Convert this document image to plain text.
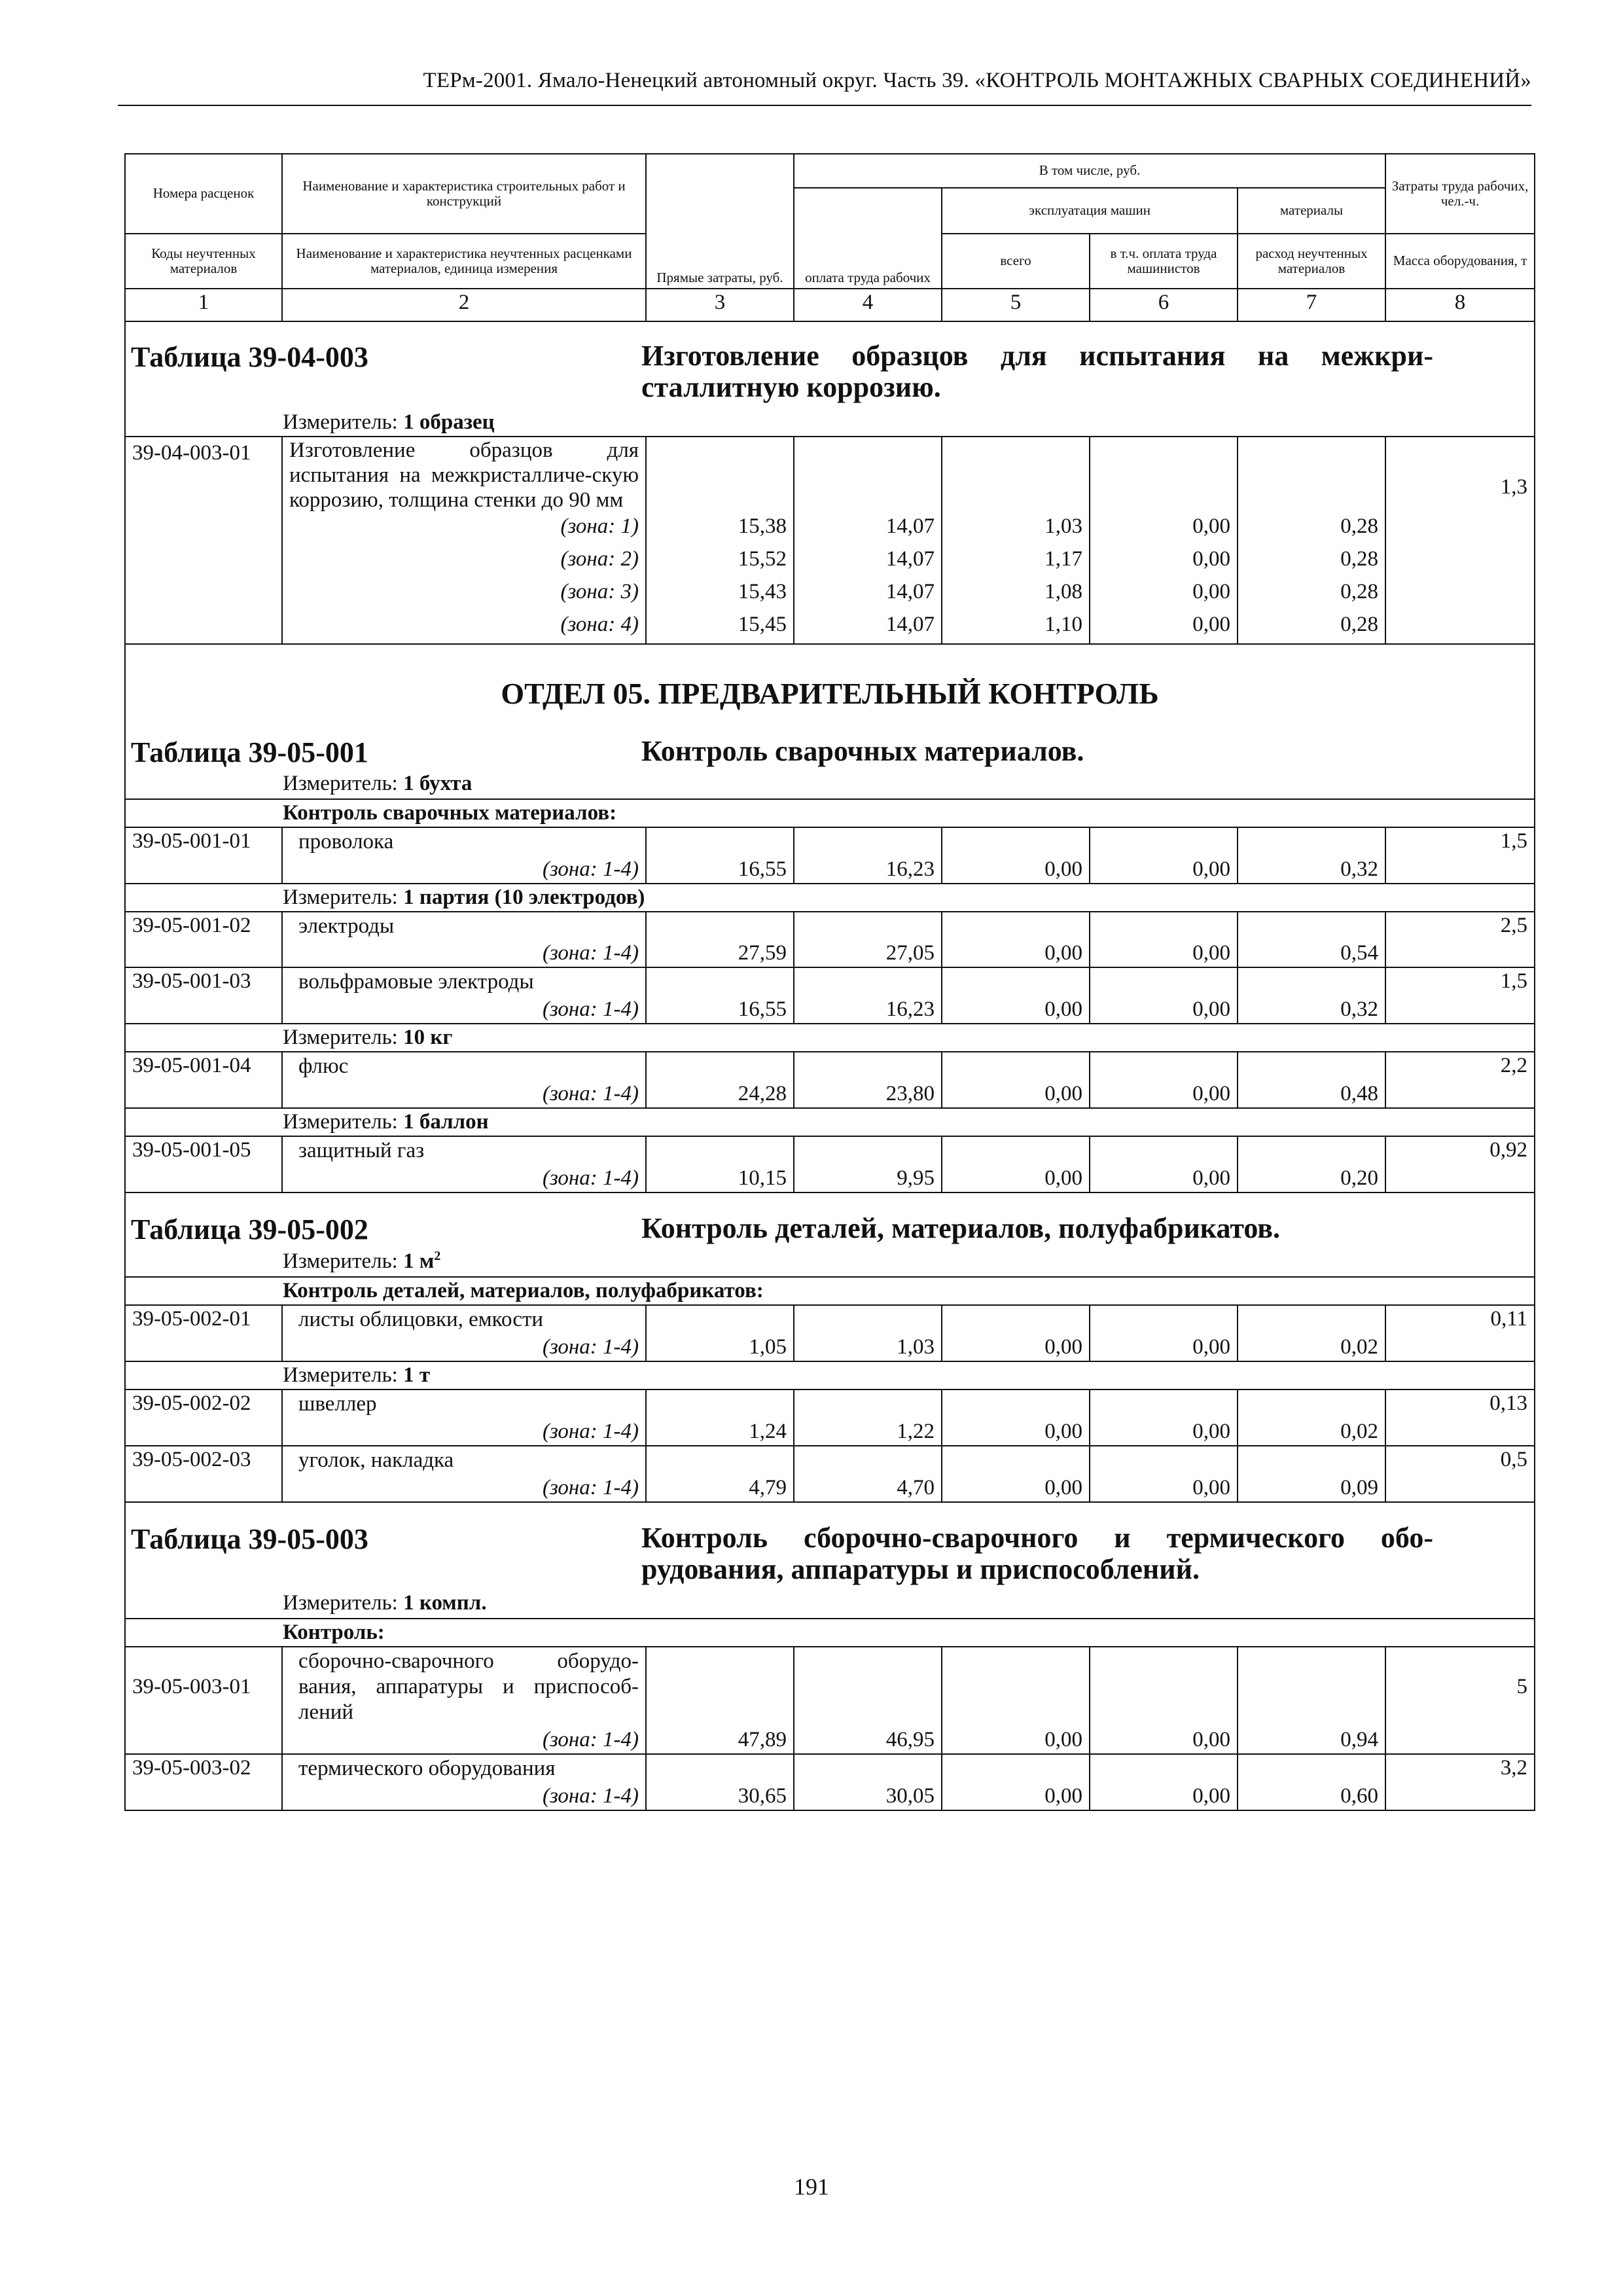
ТЕРм-2001. Ямало-Ненецкий автономный округ. Часть 39. «КОНТРОЛЬ МОНТАЖНЫХ СВАРНЫХ СОЕДИНЕНИЙ»
Номера расценок	Наименование и характеристика строительных работ и конструкций	Прямые затраты, руб.	В том числе, руб.				Затраты труда рабочих, чел.-ч.
			оплата труда рабочих	эксплуатация машин		материалы	
Коды неучтенных материалов	Наименование и характеристика неучтенных расценками материалов, единица измерения			всего	в т.ч. оплата труда машинистов	расход неучтенных материалов	Масса оборудования, т
1	2	3	4	5	6	7	8

Таблица 39-04-003 Изготовление образцов для испытания на межкри-сталлитную коррозию.							

Измеритель: 1 образец							

39-04-003-01	Изготовление образцов для испытания на межкристалличе-скую коррозию, толщина стенки до 90 мм						1,3
	(зона: 1)	15,38	14,07	1,03	0,00	0,28	
	(зона: 2)	15,52	14,07	1,17	0,00	0,28	
	(зона: 3)	15,43	14,07	1,08	0,00	0,28	
	(зона: 4)	15,45	14,07	1,10	0,00	0,28	

ОТДЕЛ 05. ПРЕДВАРИТЕЛЬНЫЙ КОНТРОЛЬ
Таблица 39-05-001 Контроль сварочных материалов.
Измеритель: 1 бухта							

Контроль сварочных материалов:							
39-05-001-01	проволока						1,5
	(зона: 1-4)	16,55	16,23	0,00	0,00	0,32	
Измеритель: 1 партия (10 электродов)							
39-05-001-02	электроды						2,5
	(зона: 1-4)	27,59	27,05	0,00	0,00	0,54	
39-05-001-03	вольфрамовые электроды						1,5
	(зона: 1-4)	16,55	16,23	0,00	0,00	0,32	
Измеритель: 10 кг							
39-05-001-04	флюс						2,2
	(зона: 1-4)	24,28	23,80	0,00	0,00	0,48	
Измеритель: 1 баллон							
39-05-001-05	защитный газ						0,92
	(зона: 1-4)	10,15	9,95	0,00	0,00	0,20	

Таблица 39-05-002 Контроль деталей, материалов, полуфабрикатов.
Измеритель: 1 $м^2$

Контроль деталей, материалов, полуфабрикатов:							
39-05-002-01	листы облицовки, емкости						0,11
	(зона: 1-4)	1,05	1,03	0,00	0,00	0,02	
Измеритель: 1 т							
39-05-002-02	швеллер						0,13
	(зона: 1-4)	1,24	1,22	0,00	0,00	0,02	
39-05-002-03	уголок, накладка						0,5
	(зона: 1-4)	4,79	4,70	0,00	0,00	0,09	

Таблица 39-05-003 Контроль сборочно-сварочного и термического обо-рудования, аппаратуры и приспособлений.
Измеритель: 1 компл.							

Контроль:							
39-05-003-01	сборочно-сварочного оборудо-вания, аппаратуры и приспособ-лений						5
	(зона: 1-4)	47,89	46,95	0,00	0,00	0,94	
39-05-003-02	термического оборудования						3,2
	(зона: 1-4)	30,65	30,05	0,00	0,00	0,60	
191
